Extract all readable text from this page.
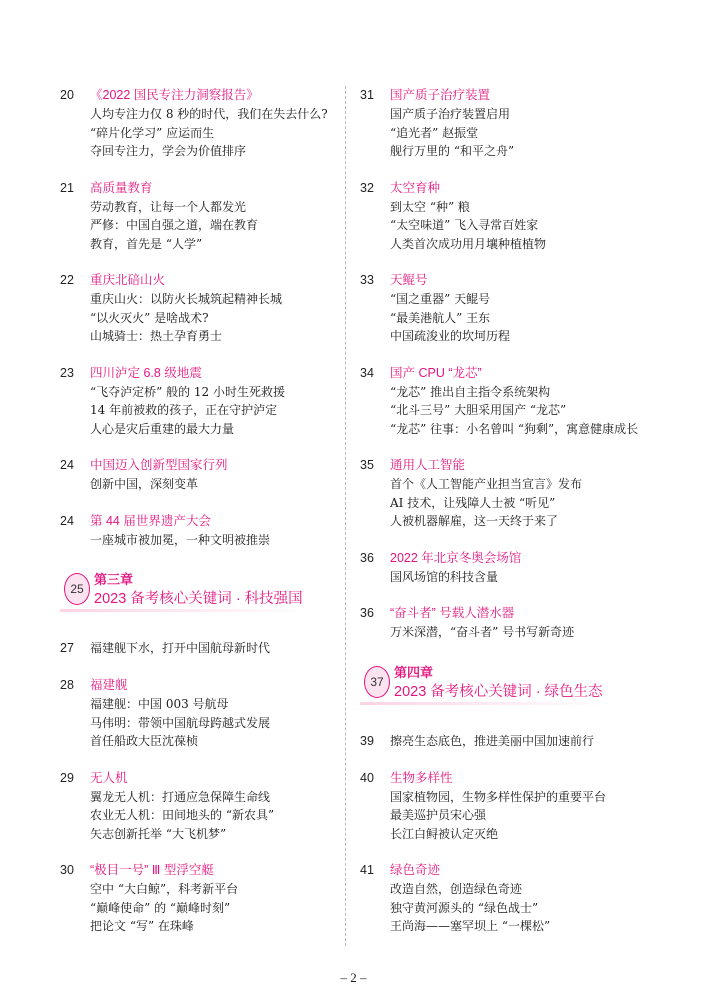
20	《2022 国民专注力洞察报告》
人均专注力仅 8 秒的时代，我们在失去什么?
“碎片化学习” 应运而生
夺回专注力，学会为价值排序
21	高质量教育
劳动教育，让每一个人都发光
严修：中国自强之道，端在教育
教育，首先是 “人学”
22	重庆北碚山火
重庆山火：以防火长城筑起精神长城
“以火灭火” 是啥战术?
山城骑士：热土孕育勇士
23	四川泸定 6.8 级地震
“飞夺泸定桥” 般的 12 小时生死救援
14 年前被救的孩子，正在守护泸定
人心是灾后重建的最大力量
24	中国迈入创新型国家行列
创新中国，深刻变革
24	第 44 届世界遗产大会
一座城市被加冕，一种文明被推崇
25
第三章
2023 备考核心关键词 · 科技强国
27	福建舰下水，打开中国航母新时代
28	福建舰
福建舰：中国 003 号航母
马伟明：带领中国航母跨越式发展
首任船政大臣沈葆桢
29	无人机
翼龙无人机：打通应急保障生命线
农业无人机：田间地头的 “新农具”
矢志创新托举 “大飞机梦”
30	“极目一号” Ⅲ 型浮空艇
空中 “大白鲸”，科考新平台
“巅峰使命” 的 “巅峰时刻”
把论文 “写” 在珠峰
31	国产质子治疗装置
国产质子治疗装置启用
“追光者” 赵振堂
舰行万里的 “和平之舟”
32	太空育种
到太空 “种” 粮
“太空味道” 飞入寻常百姓家
人类首次成功用月壤种植植物
33	天鲲号
“国之重器” 天鲲号
“最美港航人” 王东
中国疏浚业的坎坷历程
34	国产 CPU “龙芯”
“龙芯” 推出自主指令系统架构
“北斗三号” 大胆采用国产 “龙芯”
“龙芯” 往事：小名曾叫 “狗剩”，寓意健康成长
35	通用人工智能
首个《人工智能产业担当宣言》发布
AI 技术，让残障人士被 “听见”
人被机器解雇，这一天终于来了
36	2022 年北京冬奥会场馆
国风场馆的科技含量
36	“奋斗者” 号载人潜水器
万米深潜，“奋斗者” 号书写新奇迹
37
第四章
2023 备考核心关键词 · 绿色生态
39	擦亮生态底色，推进美丽中国加速前行
40	生物多样性
国家植物园，生物多样性保护的重要平台
最美巡护员宋心强
长江白鲟被认定灭绝
41	绿色奇迹
改造自然，创造绿色奇迹
独守黄河源头的 “绿色战士”
王尚海——塞罕坝上 “一棵松”
– 2 –
